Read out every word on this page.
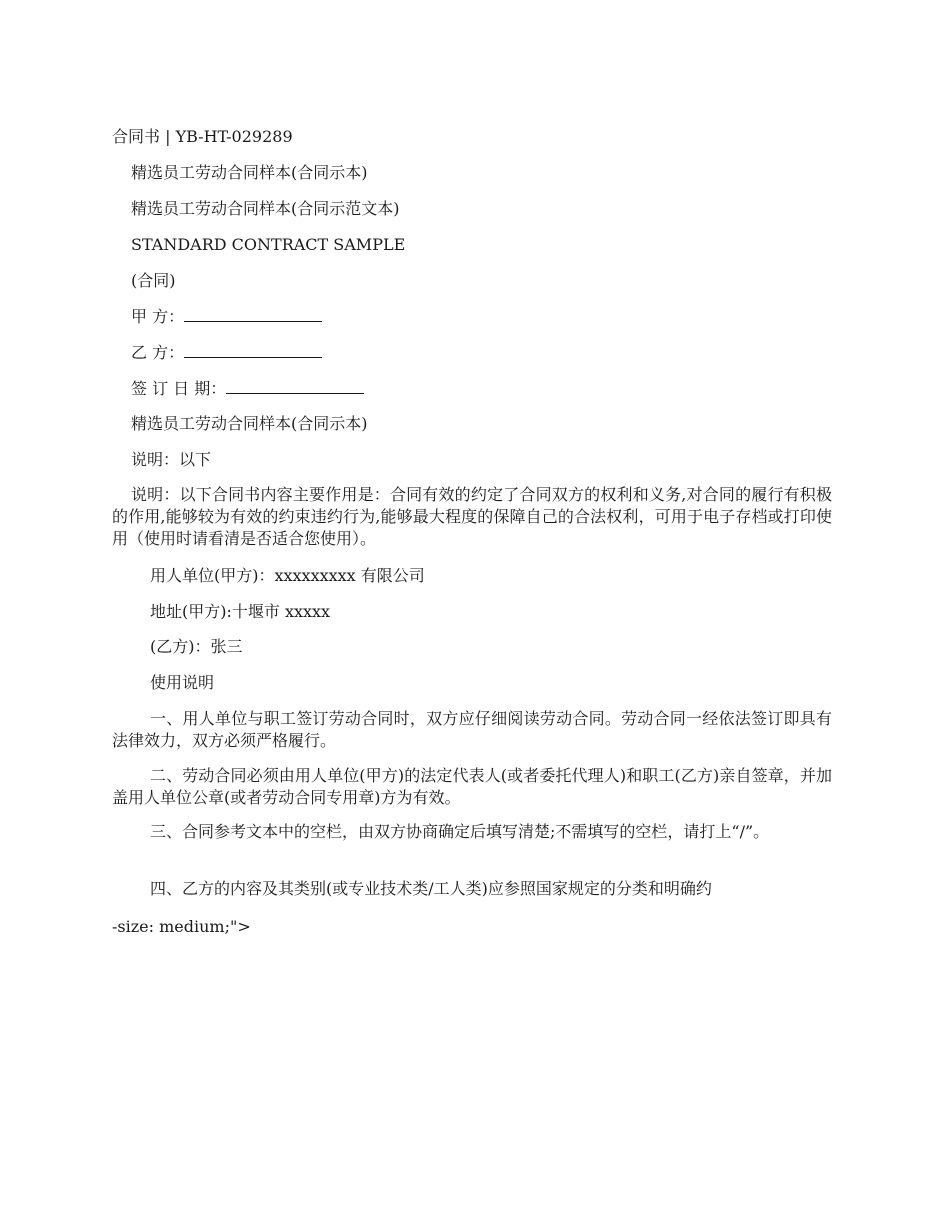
合同书 | YB-HT-029289
精选员工劳动合同样本(合同示本)
精选员工劳动合同样本(合同示范文本)
STANDARD CONTRACT SAMPLE
(合同)
甲 方：
乙 方：
签 订 日 期：
精选员工劳动合同样本(合同示本)
说明：以下
说明：以下合同书内容主要作用是：合同有效的约定了合同双方的权利和义务,对合同的履行有积极的作用,能够较为有效的约束违约行为,能够最大程度的保障自己的合法权利，可用于电子存档或打印使用（使用时请看清是否适合您使用）。
用人单位(甲方)：xxxxxxxxx 有限公司
地址(甲方):十堰市 xxxxx
(乙方)：张三
使用说明
一、用人单位与职工签订劳动合同时，双方应仔细阅读劳动合同。劳动合同一经依法签订即具有法律效力，双方必须严格履行。
二、劳动合同必须由用人单位(甲方)的法定代表人(或者委托代理人)和职工(乙方)亲自签章，并加盖用人单位公章(或者劳动合同专用章)方为有效。
三、合同参考文本中的空栏，由双方协商确定后填写清楚;不需填写的空栏，请打上“/”。
四、乙方的内容及其类别(或专业技术类/工人类)应参照国家规定的分类和明确约
-size: medium;">
